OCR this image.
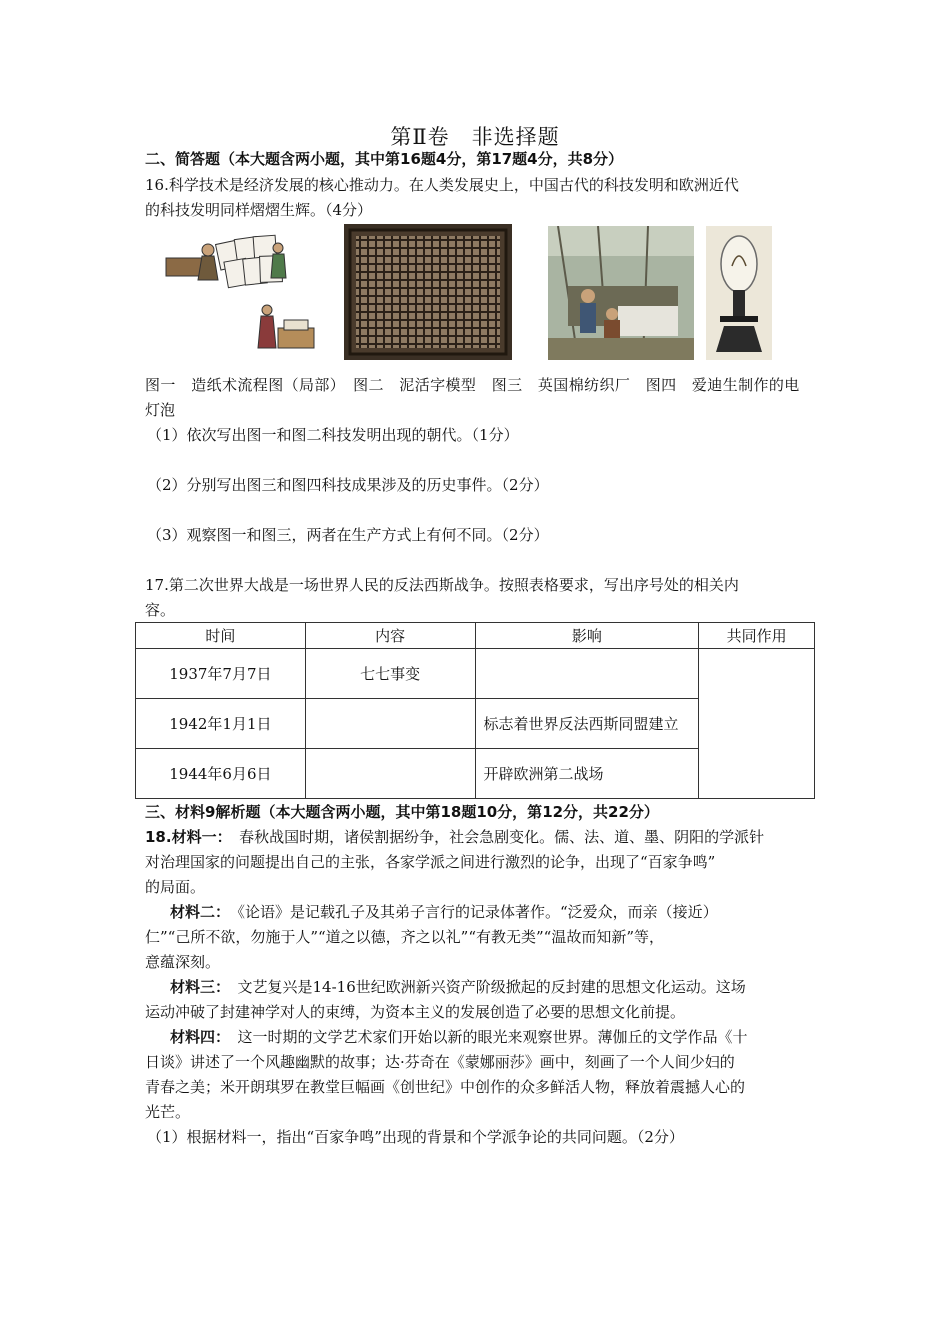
第Ⅱ卷　非选择题
二、简答题（本大题含两小题，其中第16题4分，第17题4分，共8分）
16.科学技术是经济发展的核心推动力。在人类发展史上，中国古代的科技发明和欧洲近代
的科技发明同样熠熠生辉。（4分）
图一　造纸术流程图（局部）　图二　泥活字模型　图三　英国棉纺织厂　图四　爱迪生制作的电
灯泡
（1）依次写出图一和图二科技发明出现的朝代。（1分）
（2）分别写出图三和图四科技成果涉及的历史事件。（2分）
（3）观察图一和图三，两者在生产方式上有何不同。（2分）
17.第二次世界大战是一场世界人民的反法西斯战争。按照表格要求，写出序号处的相关内
容。
时间	内容	影响	共同作用
1937年7月7日	七七事变		
1942年1月1日		标志着世界反法西斯同盟建立	
1944年6月6日		开辟欧洲第二战场	
三、材料9解析题（本大题含两小题，其中第18题10分，第12分，共22分）
18.材料一：　春秋战国时期，诸侯割据纷争，社会急剧变化。儒、法、道、墨、阴阳的学派针
对治理国家的问题提出自己的主张，各家学派之间进行激烈的论争，出现了“百家争鸣”
的局面。
材料二：　《论语》是记载孔子及其弟子言行的记录体著作。“泛爱众，而亲（接近）
仁”“己所不欲，勿施于人”“道之以德，齐之以礼”“有教无类”“温故而知新”等，
意蕴深刻。
材料三：　文艺复兴是14-16世纪欧洲新兴资产阶级掀起的反封建的思想文化运动。这场
运动冲破了封建神学对人的束缚，为资本主义的发展创造了必要的思想文化前提。
材料四：　这一时期的文学艺术家们开始以新的眼光来观察世界。薄伽丘的文学作品《十
日谈》讲述了一个风趣幽默的故事；达·芬奇在《蒙娜丽莎》画中，刻画了一个人间少妇的
青春之美；米开朗琪罗在教堂巨幅画《创世纪》中创作的众多鲜活人物，释放着震撼人心的
光芒。
（1）根据材料一，指出“百家争鸣”出现的背景和个学派争论的共同问题。（2分）
